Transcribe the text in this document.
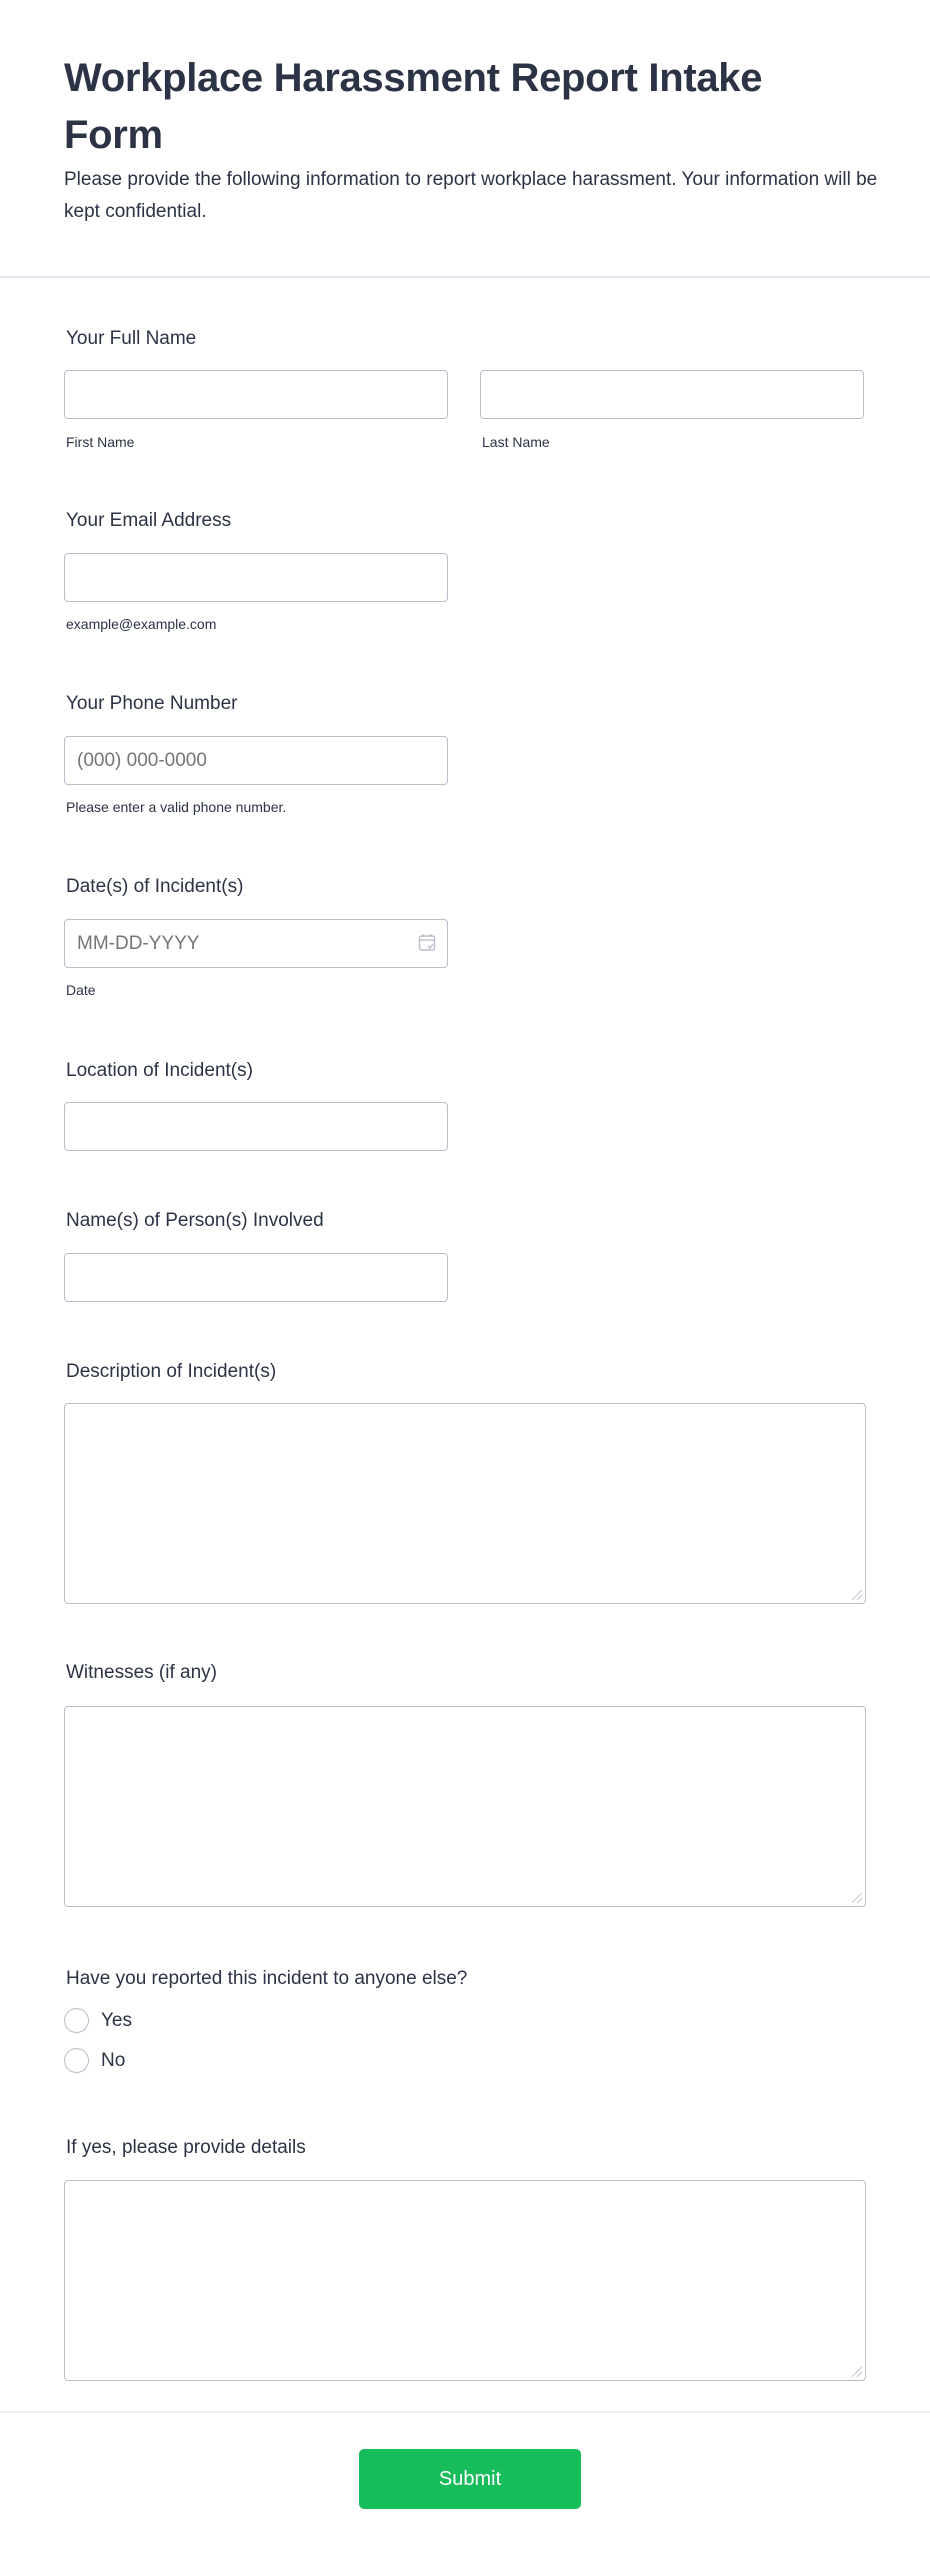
Workplace Harassment Report Intake Form

Please provide the following information to report workplace harassment. Your information will be kept confidential.

Your Full Name
First Name	Last Name
Your Email Address
example@example.com
Your Phone Number
(000) 000-0000
Please enter a valid phone number.
Date(s) of Incident(s)
MM-DD-YYYY
Date
Location of Incident(s)
Name(s) of Person(s) Involved
Description of Incident(s)
Witnesses (if any)
Have you reported this incident to anyone else?
Yes
No
If yes, please provide details
Submit
